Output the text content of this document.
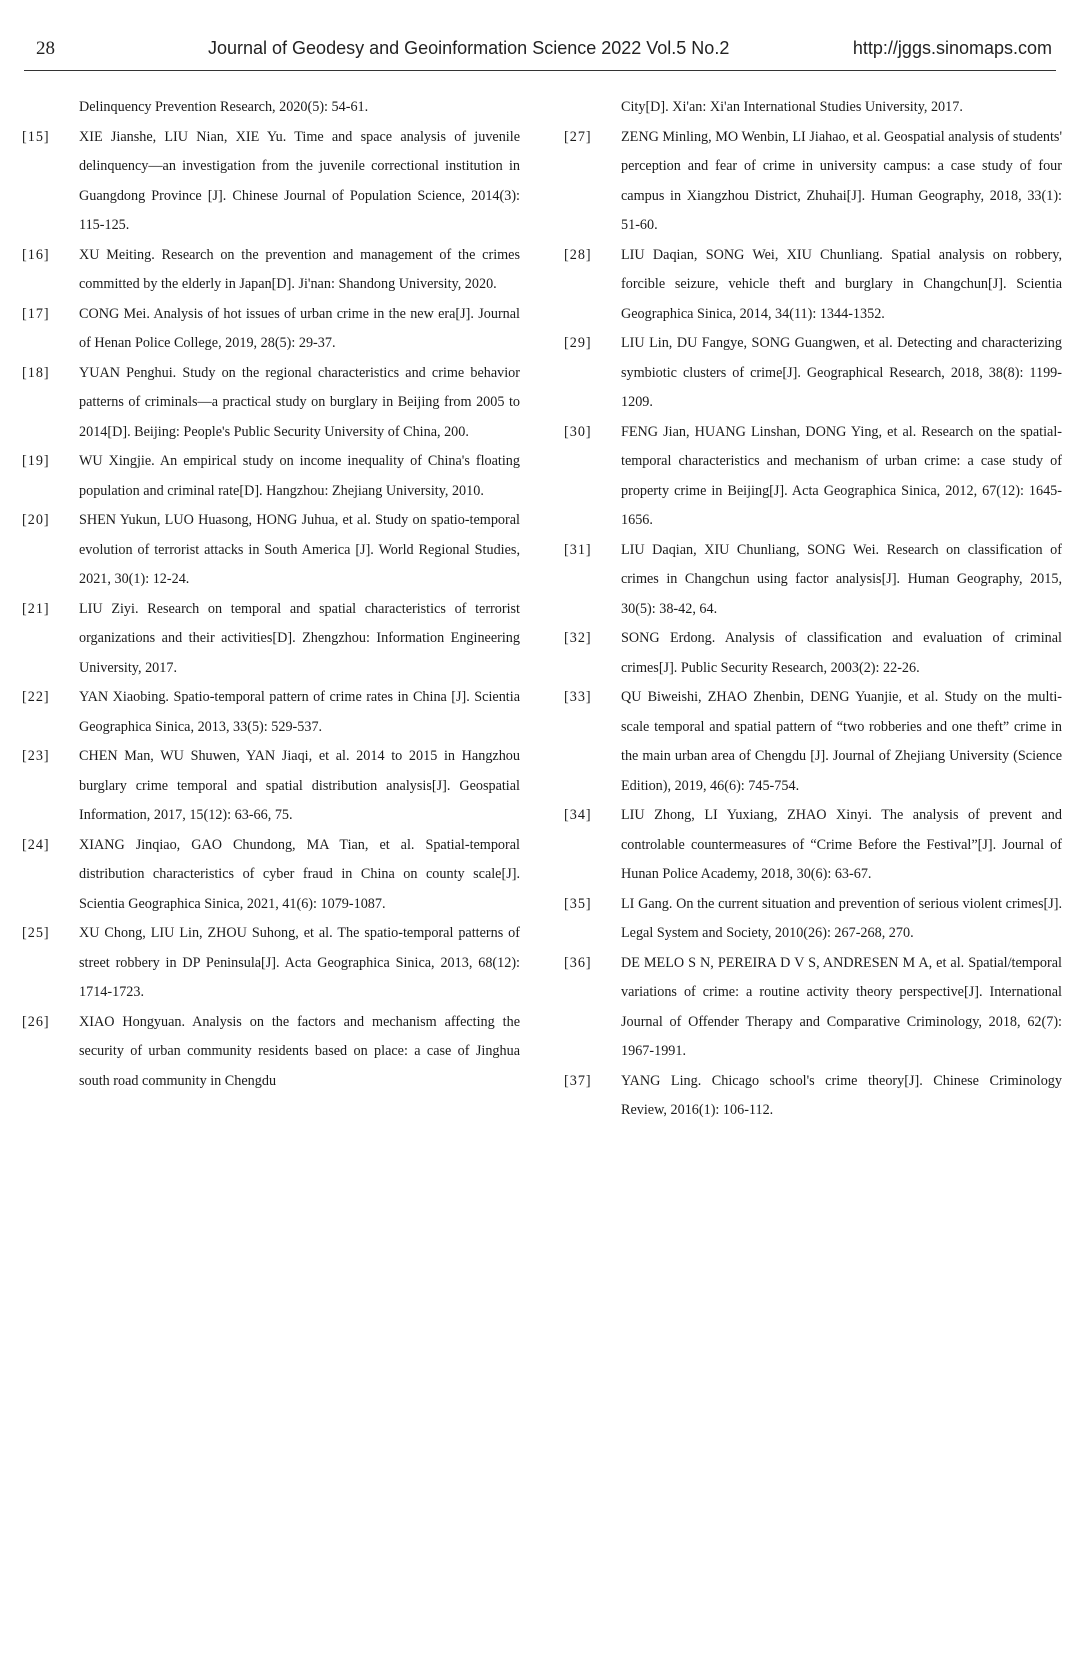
28	Journal of Geodesy and Geoinformation Science 2022 Vol.5 No.2	http://jggs.sinomaps.com

Delinquency Prevention Research, 2020(5): 54-61.

[15]	XIE Jianshe, LIU Nian, XIE Yu. Time and space analysis of juvenile delinquency—an investigation from the juvenile correctional institution in Guangdong Province [J]. Chinese Journal of Population Science, 2014(3): 115-125.

[16]	XU Meiting. Research on the prevention and management of the crimes committed by the elderly in Japan[D]. Ji'nan: Shandong University, 2020.

[17]	CONG Mei. Analysis of hot issues of urban crime in the new era[J]. Journal of Henan Police College, 2019, 28(5): 29-37.

[18]	YUAN Penghui. Study on the regional characteristics and crime behavior patterns of criminals—a practical study on burglary in Beijing from 2005 to 2014[D]. Beijing: People's Public Security University of China, 200.

[19]	WU Xingjie. An empirical study on income inequality of China's floating population and criminal rate[D]. Hangzhou: Zhejiang University, 2010.

[20]	SHEN Yukun, LUO Huasong, HONG Juhua, et al. Study on spatio-temporal evolution of terrorist attacks in South America [J]. World Regional Studies, 2021, 30(1): 12-24.

[21]	LIU Ziyi. Research on temporal and spatial characteristics of terrorist organizations and their activities[D]. Zhengzhou: Information Engineering University, 2017.

[22]	YAN Xiaobing. Spatio-temporal pattern of crime rates in China [J]. Scientia Geographica Sinica, 2013, 33(5): 529-537.

[23]	CHEN Man, WU Shuwen, YAN Jiaqi, et al. 2014 to 2015 in Hangzhou burglary crime temporal and spatial distribution analysis[J]. Geospatial Information, 2017, 15(12): 63-66, 75.

[24]	XIANG Jinqiao, GAO Chundong, MA Tian, et al. Spatial-temporal distribution characteristics of cyber fraud in China on county scale[J]. Scientia Geographica Sinica, 2021, 41(6): 1079-1087.

[25]	XU Chong, LIU Lin, ZHOU Suhong, et al. The spatio-temporal patterns of street robbery in DP Peninsula[J]. Acta Geographica Sinica, 2013, 68(12): 1714-1723.

[26]	XIAO Hongyuan. Analysis on the factors and mechanism affecting the security of urban community residents based on place: a case of Jinghua south road community in Chengdu

City[D]. Xi'an: Xi'an International Studies University, 2017.

[27]	ZENG Minling, MO Wenbin, LI Jiahao, et al. Geospatial analysis of students' perception and fear of crime in university campus: a case study of four campus in Xiangzhou District, Zhuhai[J]. Human Geography, 2018, 33(1): 51-60.

[28]	LIU Daqian, SONG Wei, XIU Chunliang. Spatial analysis on robbery, forcible seizure, vehicle theft and burglary in Changchun[J]. Scientia Geographica Sinica, 2014, 34(11): 1344-1352.

[29]	LIU Lin, DU Fangye, SONG Guangwen, et al. Detecting and characterizing symbiotic clusters of crime[J]. Geographical Research, 2018, 38(8): 1199-1209.

[30]	FENG Jian, HUANG Linshan, DONG Ying, et al. Research on the spatial-temporal characteristics and mechanism of urban crime: a case study of property crime in Beijing[J]. Acta Geographica Sinica, 2012, 67(12): 1645-1656.

[31]	LIU Daqian, XIU Chunliang, SONG Wei. Research on classification of crimes in Changchun using factor analysis[J]. Human Geography, 2015, 30(5): 38-42, 64.

[32]	SONG Erdong. Analysis of classification and evaluation of criminal crimes[J]. Public Security Research, 2003(2): 22-26.

[33]	QU Biweishi, ZHAO Zhenbin, DENG Yuanjie, et al. Study on the multi-scale temporal and spatial pattern of “two robberies and one theft” crime in the main urban area of Chengdu [J]. Journal of Zhejiang University (Science Edition), 2019, 46(6): 745-754.

[34]	LIU Zhong, LI Yuxiang, ZHAO Xinyi. The analysis of prevent and controlable countermeasures of “Crime Before the Festival”[J]. Journal of Hunan Police Academy, 2018, 30(6): 63-67.

[35]	LI Gang. On the current situation and prevention of serious violent crimes[J]. Legal System and Society, 2010(26): 267-268, 270.

[36]	DE MELO S N, PEREIRA D V S, ANDRESEN M A, et al. Spatial/temporal variations of crime: a routine activity theory perspective[J]. International Journal of Offender Therapy and Comparative Criminology, 2018, 62(7): 1967-1991.

[37]	YANG Ling. Chicago school's crime theory[J]. Chinese Criminology Review, 2016(1): 106-112.
